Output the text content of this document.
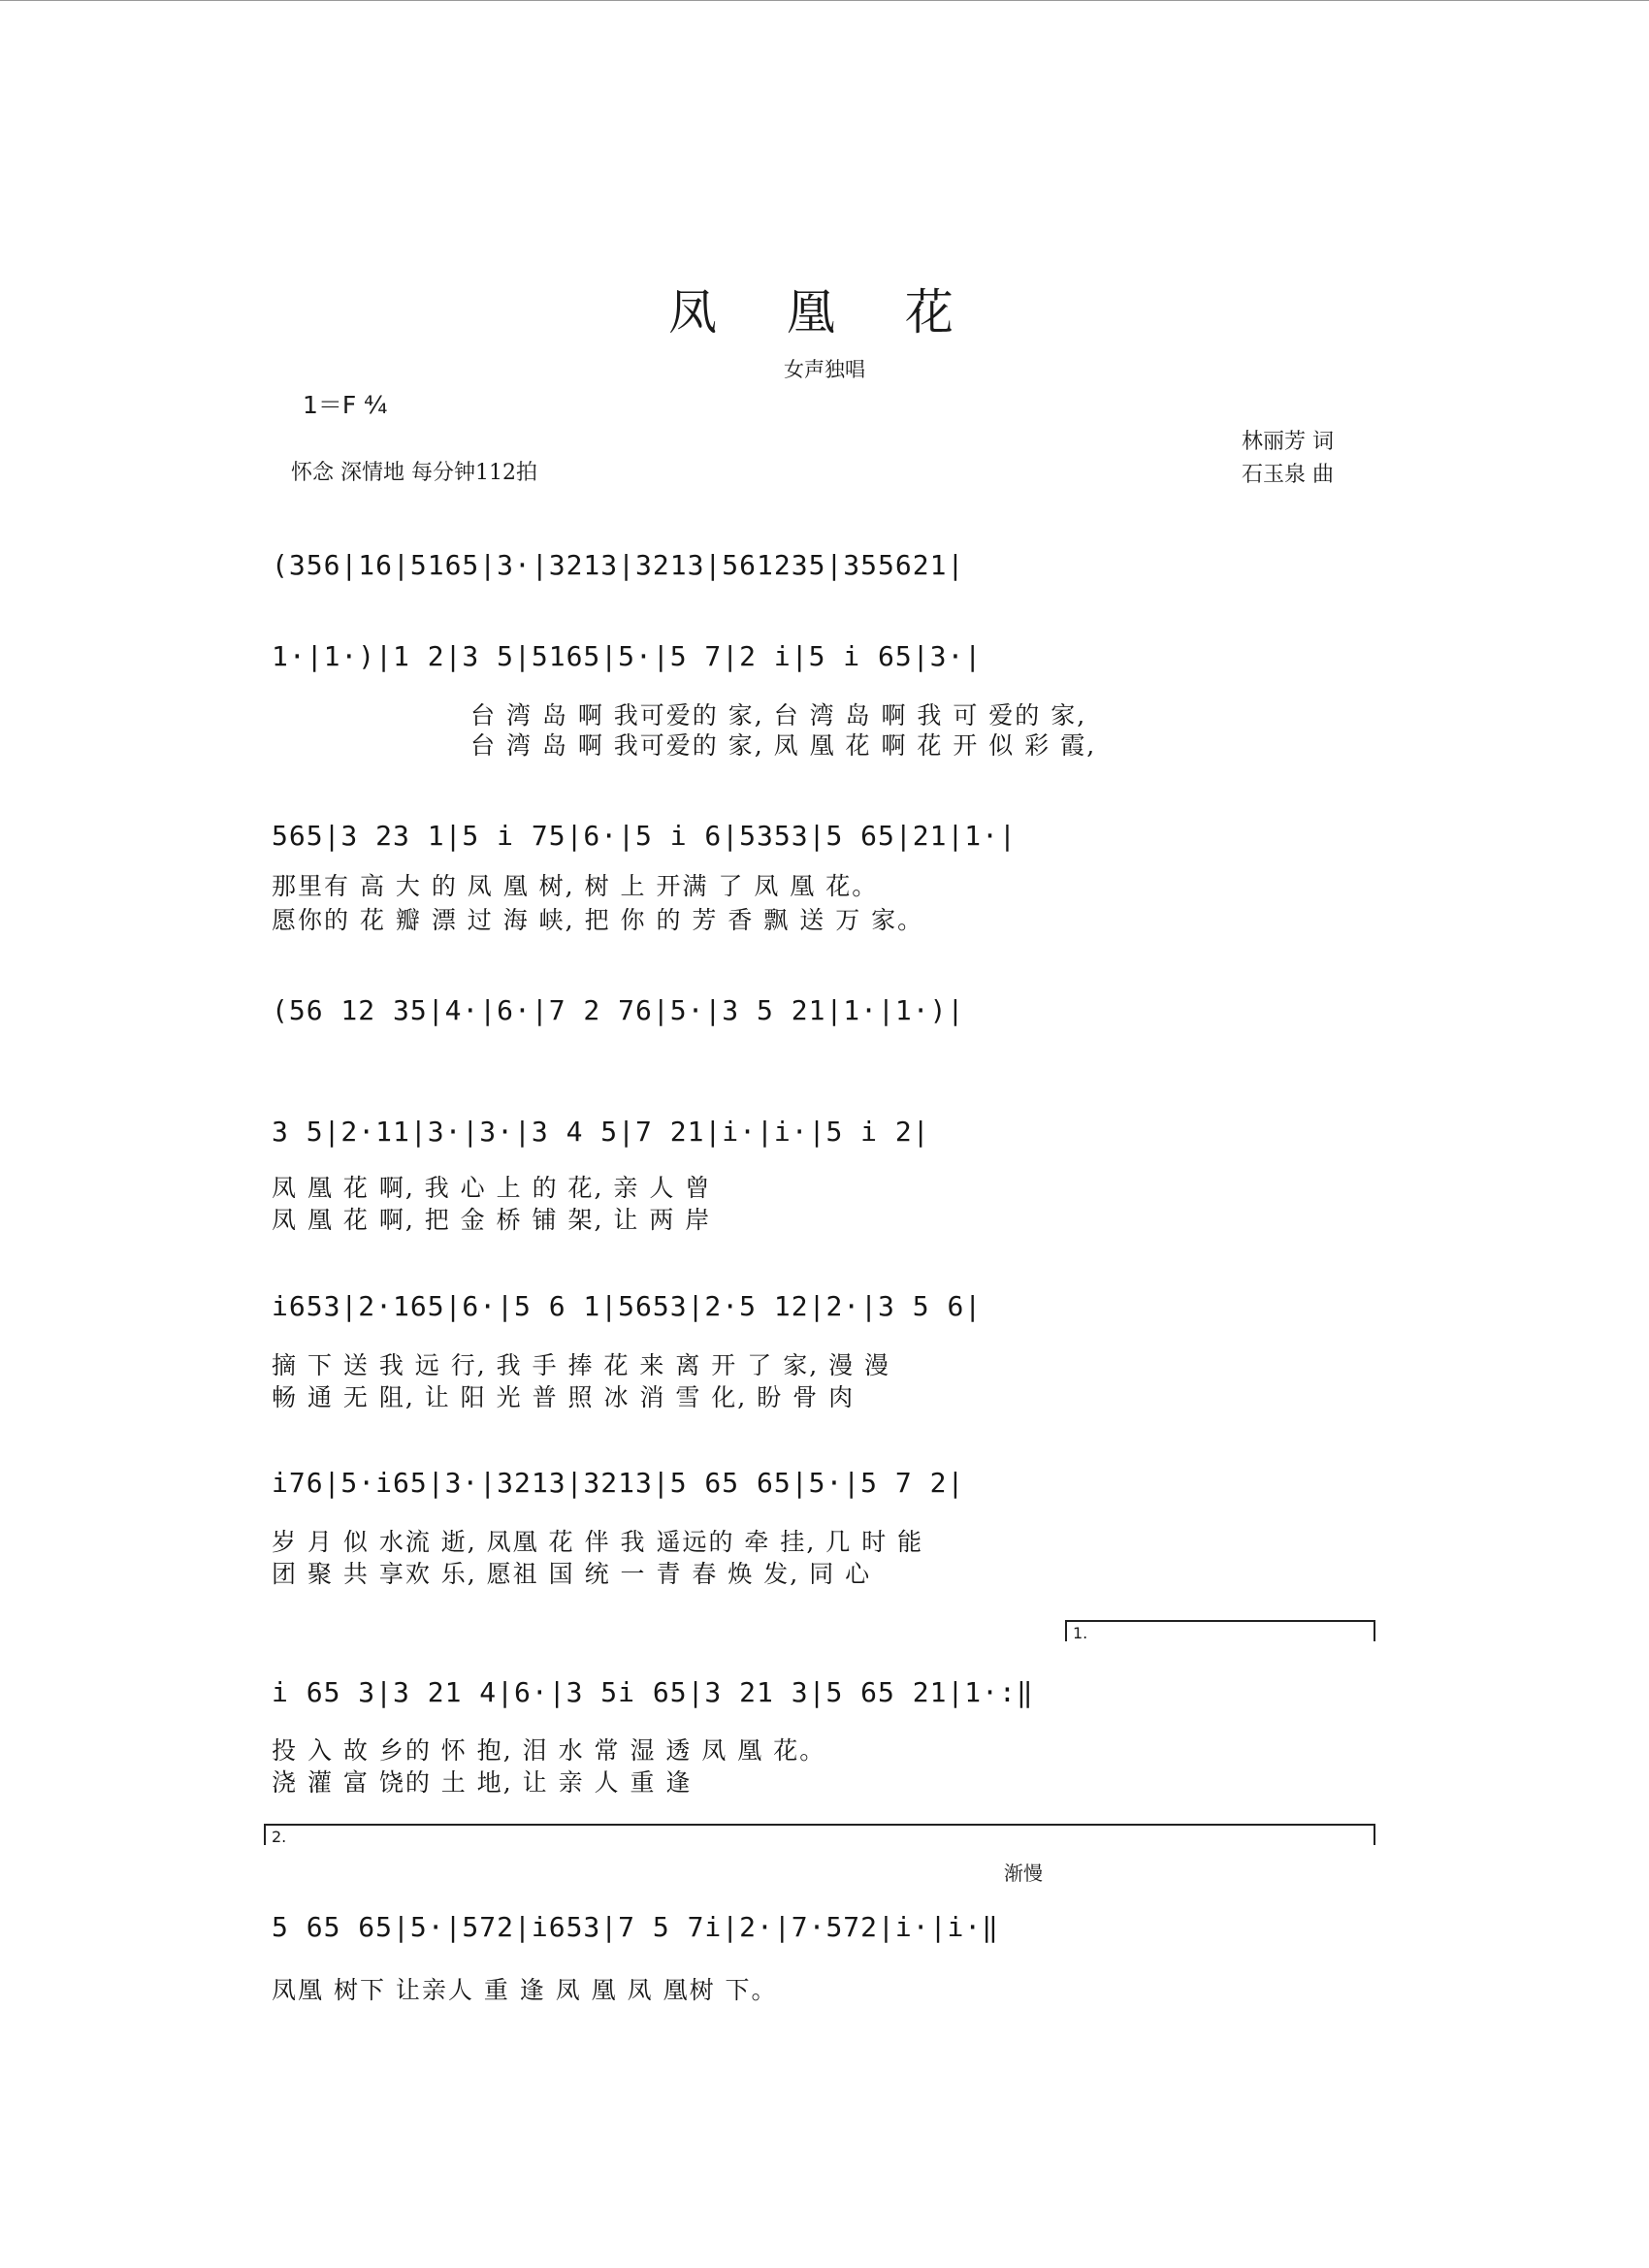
凤 凰 花
女声独唱
1＝F ⁴⁄₄
怀念 深情地 每分钟112拍
林丽芳 词
石玉泉 曲
(356|16|5165|3·|3213|3213|561235|355621|
1·|1·)|1 2|3 5|5165|5·|5 7|2 i|5 i 65|3·|
台 湾 岛 啊 我可爱的 家, 台 湾 岛 啊 我 可 爱的 家,
台 湾 岛 啊 我可爱的 家, 凤 凰 花 啊 花 开 似 彩 霞,
565|3 23 1|5 i 75|6·|5 i 6|5353|5 65|21|1·|
那里有 高 大 的 凤 凰 树, 树 上 开满 了 凤 凰 花。
愿你的 花 瓣 漂 过 海 峡, 把 你 的 芳 香 飘 送 万 家。
(56 12 35|4·|6·|7 2 76|5·|3 5 21|1·|1·)|
3 5|2·11|3·|3·|3 4 5|7 21|i·|i·|5 i 2|
凤 凰 花 啊, 我 心 上 的 花, 亲 人 曾
凤 凰 花 啊, 把 金 桥 铺 架, 让 两 岸
i653|2·165|6·|5 6 1|5653|2·5 12|2·|3 5 6|
摘 下 送 我 远 行, 我 手 捧 花 来 离 开 了 家, 漫 漫
畅 通 无 阻, 让 阳 光 普 照 冰 消 雪 化, 盼 骨 肉
i76|5·i65|3·|3213|3213|5 65 65|5·|5 7 2|
岁 月 似 水流 逝, 凤凰 花 伴 我 遥远的 牵 挂, 几 时 能
团 聚 共 享欢 乐, 愿祖 国 统 一 青 春 焕 发, 同 心
1.
i 65 3|3 21 4|6·|3 5i 65|3 21 3|5 65 21|1·:‖
投 入 故 乡的 怀 抱, 泪 水 常 湿 透 凤 凰 花。
浇 灌 富 饶的 土 地, 让 亲 人 重 逢
2.
渐慢
5 65 65|5·|572|i653|7 5 7i|2·|7·572|i·|i·‖
凤凰 树下 让亲人 重 逢 凤 凰 凤 凰树 下。
